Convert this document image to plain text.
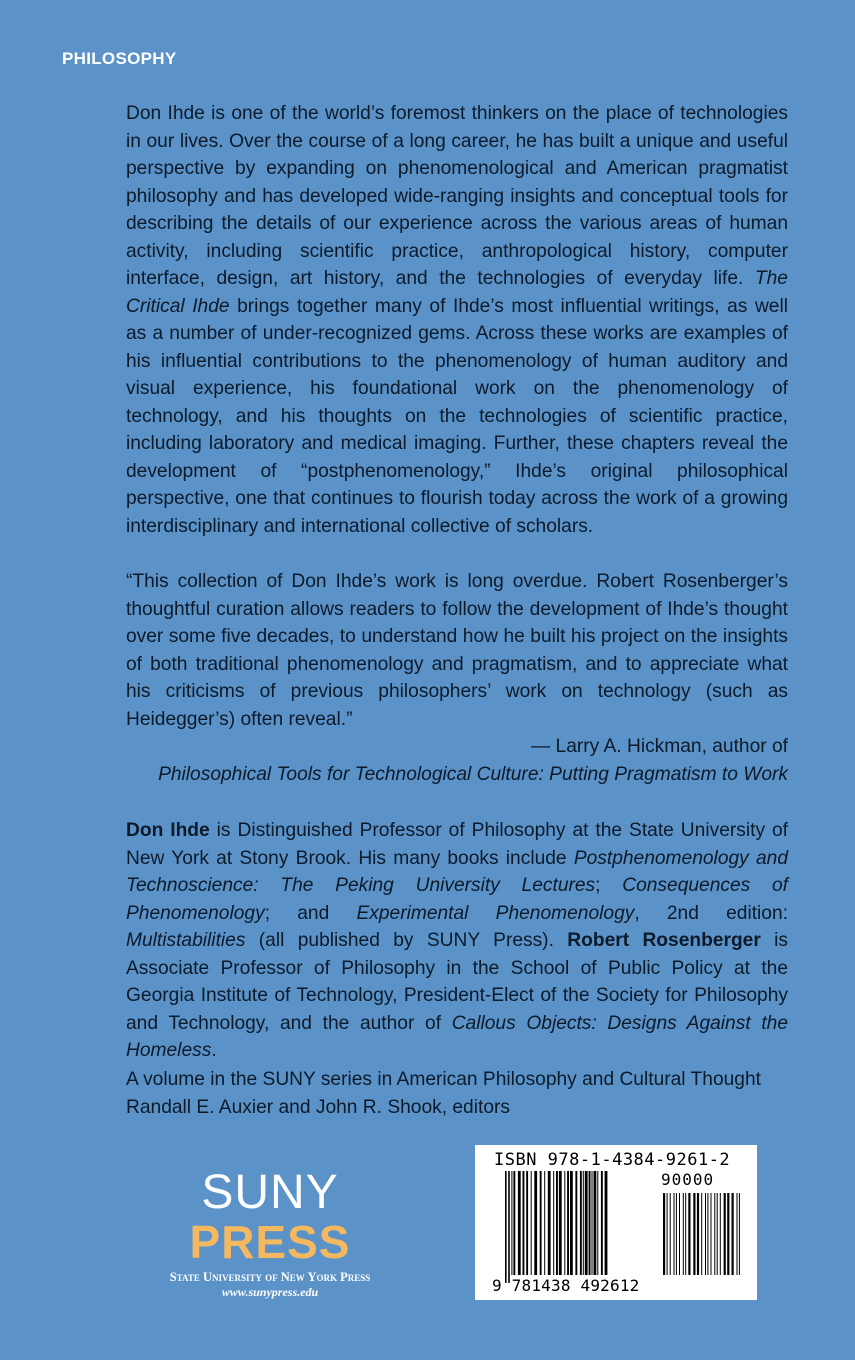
PHILOSOPHY
Don Ihde is one of the world’s foremost thinkers on the place of technologies in our lives. Over the course of a long career, he has built a unique and useful perspective by expanding on phenomenological and American pragmatist philosophy and has developed wide-ranging insights and conceptual tools for describing the details of our experience across the various areas of human activity, including scientific practice, anthropological history, computer interface, design, art history, and the technologies of everyday life. The Critical Ihde brings together many of Ihde’s most influential writings, as well as a number of under-recognized gems. Across these works are examples of his influential contributions to the phenomenology of human auditory and visual experience, his foundational work on the phenomenology of technology, and his thoughts on the technologies of scientific practice, including laboratory and medical imaging. Further, these chapters reveal the development of “postphenomenology,” Ihde’s original philosophical perspective, one that continues to flourish today across the work of a growing interdisciplinary and international collective of scholars.
“This collection of Don Ihde’s work is long overdue. Robert Rosenberger’s thoughtful curation allows readers to follow the development of Ihde’s thought over some five decades, to understand how he built his project on the insights of both traditional phenomenology and pragmatism, and to appreciate what his criticisms of previous philosophers’ work on technology (such as Heidegger’s) often reveal.”
— Larry A. Hickman, author of
Philosophical Tools for Technological Culture: Putting Pragmatism to Work
Don Ihde is Distinguished Professor of Philosophy at the State University of New York at Stony Brook. His many books include Postphenomenology and Technoscience: The Peking University Lectures; Consequences of Phenomenology; and Experimental Phenomenology, 2nd edition: Multistabilities (all published by SUNY Press). Robert Rosenberger is Associate Professor of Philosophy in the School of Public Policy at the Georgia Institute of Technology, President-Elect of the Society for Philosophy and Technology, and the author of Callous Objects: Designs Against the Homeless.
A volume in the SUNY series in American Philosophy and Cultural Thought
Randall E. Auxier and John R. Shook, editors
SUNY
PRESS
State University of New York Press
www.sunypress.edu
ISBN 978-1-4384-9261-2
90000
9 781438 492612
